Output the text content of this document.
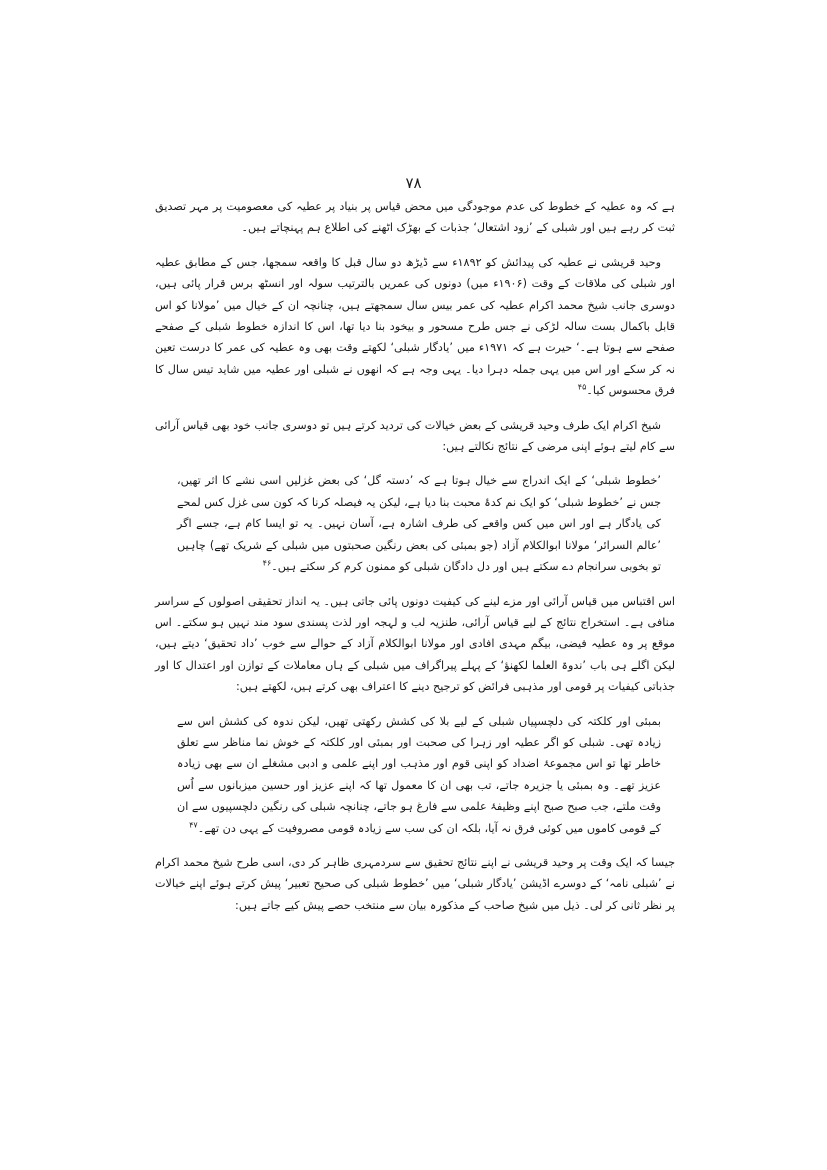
۷۸

ہے کہ وہ عطیہ کے خطوط کی عدم موجودگی میں محض قیاس پر بنیاد پر عطیہ کی معصومیت پر مہر تصدیق ثبت کر رہے ہیں اور شبلی کے ’زود اشتعال‘ جذبات کے بھڑک اٹھنے کی اطلاع ہم پہنچاتے ہیں۔

وحید قریشی نے عطیہ کی پیدائش کو ۱۸۹۲ء سے ڈیڑھ دو سال قبل کا واقعہ سمجھا، جس کے مطابق عطیہ اور شبلی کی ملاقات کے وقت (۱۹۰۶ء میں) دونوں کی عمریں بالترتیب سولہ اور انسٹھ برس قرار پائی ہیں، دوسری جانب شیخ محمد اکرام عطیہ کی عمر بیس سال سمجھتے ہیں، چنانچہ ان کے خیال میں ’مولانا کو اس قابل باکمال بست سالہ لڑکی نے جس طرح مسحور و بیخود بنا دیا تھا، اس کا اندازہ خطوط شبلی کے صفحے صفحے سے ہوتا ہے۔‘ حیرت ہے کہ ۱۹۷۱ء میں ’یادگار شبلی‘ لکھتے وقت بھی وہ عطیہ کی عمر کا درست تعین نہ کر سکے اور اس میں یہی جملہ دہرا دیا۔ یہی وجہ ہے کہ انھوں نے شبلی اور عطیہ میں شاید تیس سال کا فرق محسوس کیا۔$^{۴۵}$

شیخ اکرام ایک طرف وحید قریشی کے بعض خیالات کی تردید کرتے ہیں تو دوسری جانب خود بھی قیاس آرائی سے کام لیتے ہوئے اپنی مرضی کے نتائج نکالتے ہیں:

’خطوط شبلی‘ کے ایک اندراج سے خیال ہوتا ہے کہ ’دستہ گل‘ کی بعض غزلیں اسی نشے کا اثر تھیں، جس نے ’خطوط شبلی‘ کو ایک نم کدۂ محبت بنا دیا ہے، لیکن یہ فیصلہ کرنا کہ کون سی غزل کس لمحے کی یادگار ہے اور اس میں کس واقعے کی طرف اشارہ ہے، آسان نہیں۔ یہ تو ایسا کام ہے، جسے اگر ’عالم السرائر‘ مولانا ابوالکلام آزاد (جو بمبئی کی بعض رنگین صحبتوں میں شبلی کے شریک تھے) چاہیں تو بخوبی سرانجام دے سکتے ہیں اور دل دادگان شبلی کو ممنون کرم کر سکتے ہیں۔$^{۴۶}$

اس اقتباس میں قیاس آرائی اور مزے لینے کی کیفیت دونوں پائی جاتی ہیں۔ یہ انداز تحقیقی اصولوں کے سراسر منافی ہے۔ استخراج نتائج کے لیے قیاس آرائی، طنزیہ لب و لہجہ اور لذت پسندی سود مند نہیں ہو سکتے۔ اس موقع پر وہ عطیہ فیضی، بیگم مہدی افادی اور مولانا ابوالکلام آزاد کے حوالے سے خوب ’داد تحقیق‘ دیتے ہیں، لیکن اگلے ہی باب ’ندوۃ العلما لکھنؤ‘ کے پہلے پیراگراف میں شبلی کے ہاں معاملات کے توازن اور اعتدال کا اور جذباتی کیفیات پر قومی اور مذہبی فرائض کو ترجیح دینے کا اعتراف بھی کرتے ہیں، لکھتے ہیں:

بمبئی اور کلکتہ کی دلچسپیاں شبلی کے لیے بلا کی کشش رکھتی تھیں، لیکن ندوہ کی کشش اس سے زیادہ تھی۔ شبلی کو اگر عطیہ اور زہرا کی صحبت اور بمبئی اور کلکتہ کے خوش نما مناظر سے تعلق خاطر تھا تو اس مجموعۂ اضداد کو اپنی قوم اور مذہب اور اپنے علمی و ادبی مشغلے ان سے بھی زیادہ عزیز تھے۔ وہ بمبئی یا جزیرہ جاتے، تب بھی ان کا معمول تھا کہ اپنے عزیز اور حسین میزبانوں سے اُس وقت ملتے، جب صبح صبح اپنے وظیفۂ علمی سے فارغ ہو جاتے، چنانچہ شبلی کی رنگین دلچسپیوں سے ان کے قومی کاموں میں کوئی فرق نہ آیا، بلکہ ان کی سب سے زیادہ قومی مصروفیت کے یہی دن تھے۔$^{۴۷}$

جیسا کہ ایک وقت پر وحید قریشی نے اپنے نتائج تحقیق سے سردمہری ظاہر کر دی، اسی طرح شیخ محمد اکرام نے ’شبلی نامہ‘ کے دوسرے اڈیشن ’یادگار شبلی‘ میں ’خطوط شبلی کی صحیح تعبیر‘ پیش کرتے ہوئے اپنے خیالات پر نظر ثانی کر لی۔ ذیل میں شیخ صاحب کے مذکورہ بیان سے منتخب حصے پیش کیے جاتے ہیں:
